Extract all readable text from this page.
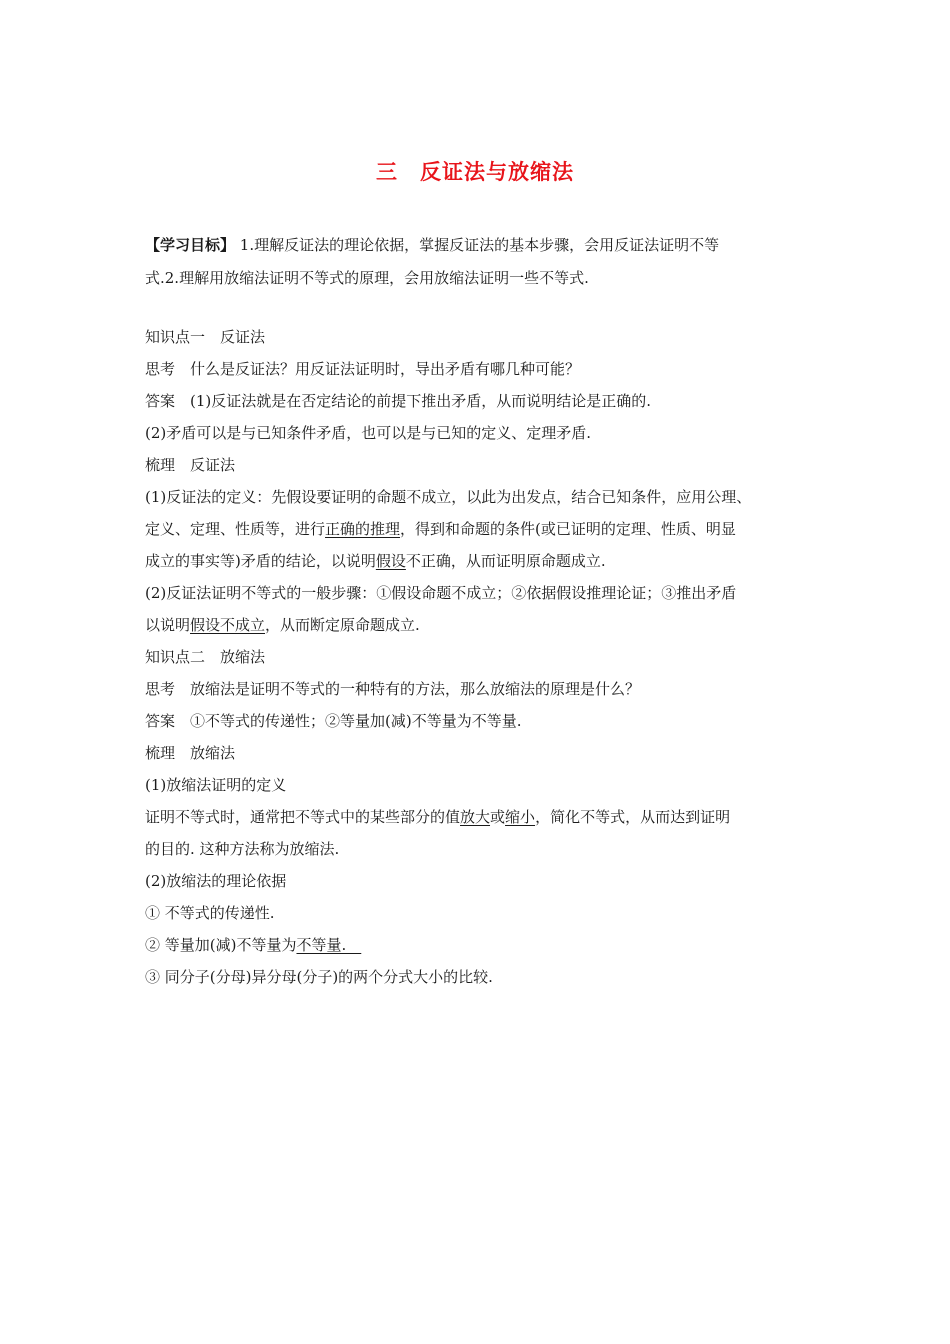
三　反证法与放缩法
【学习目标】 1.理解反证法的理论依据，掌握反证法的基本步骤，会用反证法证明不等
式.2.理解用放缩法证明不等式的原理，会用放缩法证明一些不等式.
知识点一　反证法
思考　什么是反证法？用反证法证明时，导出矛盾有哪几种可能？
答案　(1)反证法就是在否定结论的前提下推出矛盾，从而说明结论是正确的.
(2)矛盾可以是与已知条件矛盾，也可以是与已知的定义、定理矛盾.
梳理　反证法
(1)反证法的定义：先假设要证明的命题不成立，以此为出发点，结合已知条件，应用公理、
定义、定理、性质等，进行正确的推理，得到和命题的条件(或已证明的定理、性质、明显
成立的事实等)矛盾的结论，以说明假设不正确，从而证明原命题成立.
(2)反证法证明不等式的一般步骤：①假设命题不成立；②依据假设推理论证；③推出矛盾
以说明假设不成立，从而断定原命题成立.
知识点二　放缩法
思考　放缩法是证明不等式的一种特有的方法，那么放缩法的原理是什么？
答案　①不等式的传递性；②等量加(减)不等量为不等量.
梳理　放缩法
(1)放缩法证明的定义
证明不等式时，通常把不等式中的某些部分的值放大或缩小，简化不等式，从而达到证明
的目的. 这种方法称为放缩法.
(2)放缩法的理论依据
① 不等式的传递性.
② 等量加(减)不等量为不等量.　
③ 同分子(分母)异分母(分子)的两个分式大小的比较.
